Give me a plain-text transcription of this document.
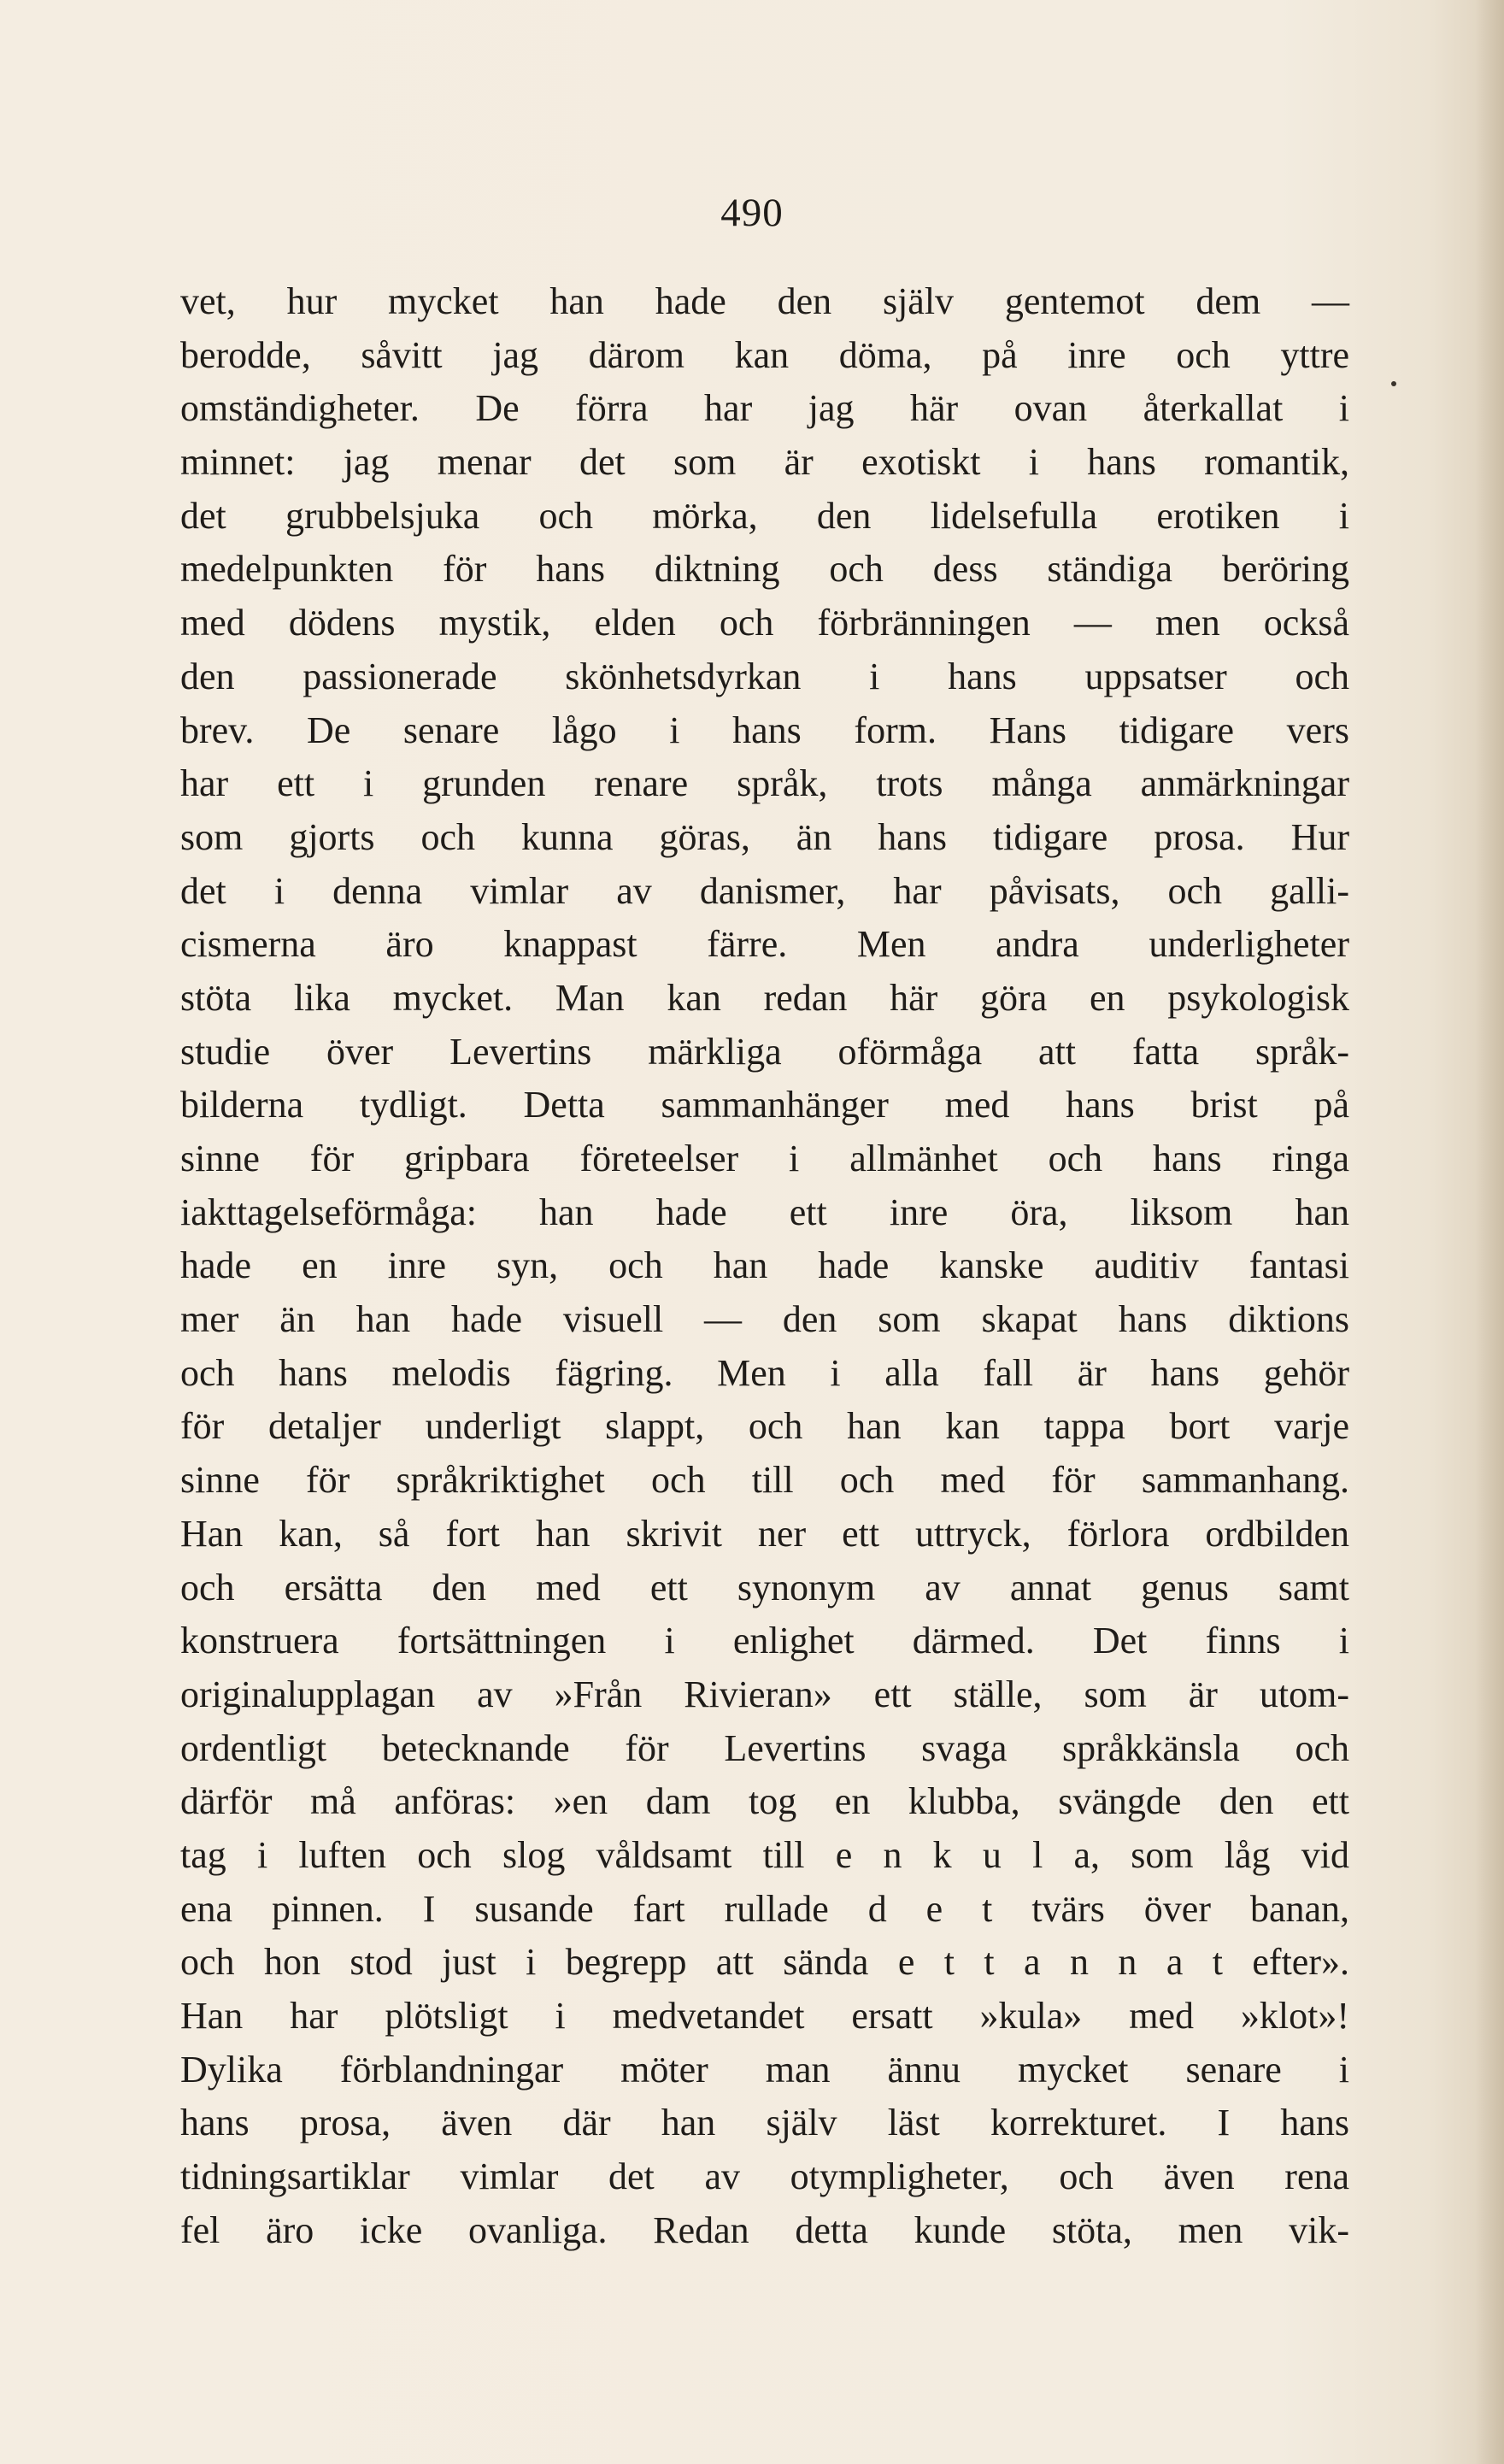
490
vet, hur mycket han hade den själv gentemot dem —
berodde, såvitt jag därom kan döma, på inre och yttre
omständigheter. De förra har jag här ovan återkallat i
minnet: jag menar det som är exotiskt i hans romantik,
det grubbelsjuka och mörka, den lidelsefulla erotiken i
medelpunkten för hans diktning och dess ständiga beröring
med dödens mystik, elden och förbränningen — men också
den passionerade skönhetsdyrkan i hans uppsatser och
brev. De senare lågo i hans form. Hans tidigare vers
har ett i grunden renare språk, trots många anmärkningar
som gjorts och kunna göras, än hans tidigare prosa. Hur
det i denna vimlar av danismer, har påvisats, och galli-
cismerna äro knappast färre. Men andra underligheter
stöta lika mycket. Man kan redan här göra en psykologisk
studie över Levertins märkliga oförmåga att fatta språk-
bilderna tydligt. Detta sammanhänger med hans brist på
sinne för gripbara företeelser i allmänhet och hans ringa
iakttagelseförmåga: han hade ett inre öra, liksom han
hade en inre syn, och han hade kanske auditiv fantasi
mer än han hade visuell — den som skapat hans diktions
och hans melodis fägring. Men i alla fall är hans gehör
för detaljer underligt slappt, och han kan tappa bort varje
sinne för språkriktighet och till och med för sammanhang.
Han kan, så fort han skrivit ner ett uttryck, förlora ordbilden
och ersätta den med ett synonym av annat genus samt
konstruera fortsättningen i enlighet därmed. Det finns i
originalupplagan av »Från Rivieran» ett ställe, som är utom-
ordentligt betecknande för Levertins svaga språkkänsla och
därför må anföras: »en dam tog en klubba, svängde den ett
tag i luften och slog våldsamt till e n k u l a, som låg vid
ena pinnen. I susande fart rullade d e t tvärs över banan,
och hon stod just i begrepp att sända e t t a n n a t efter».
Han har plötsligt i medvetandet ersatt »kula» med »klot»!
Dylika förblandningar möter man ännu mycket senare i
hans prosa, även där han själv läst korrekturet. I hans
tidningsartiklar vimlar det av otympligheter, och även rena
fel äro icke ovanliga. Redan detta kunde stöta, men vik-
